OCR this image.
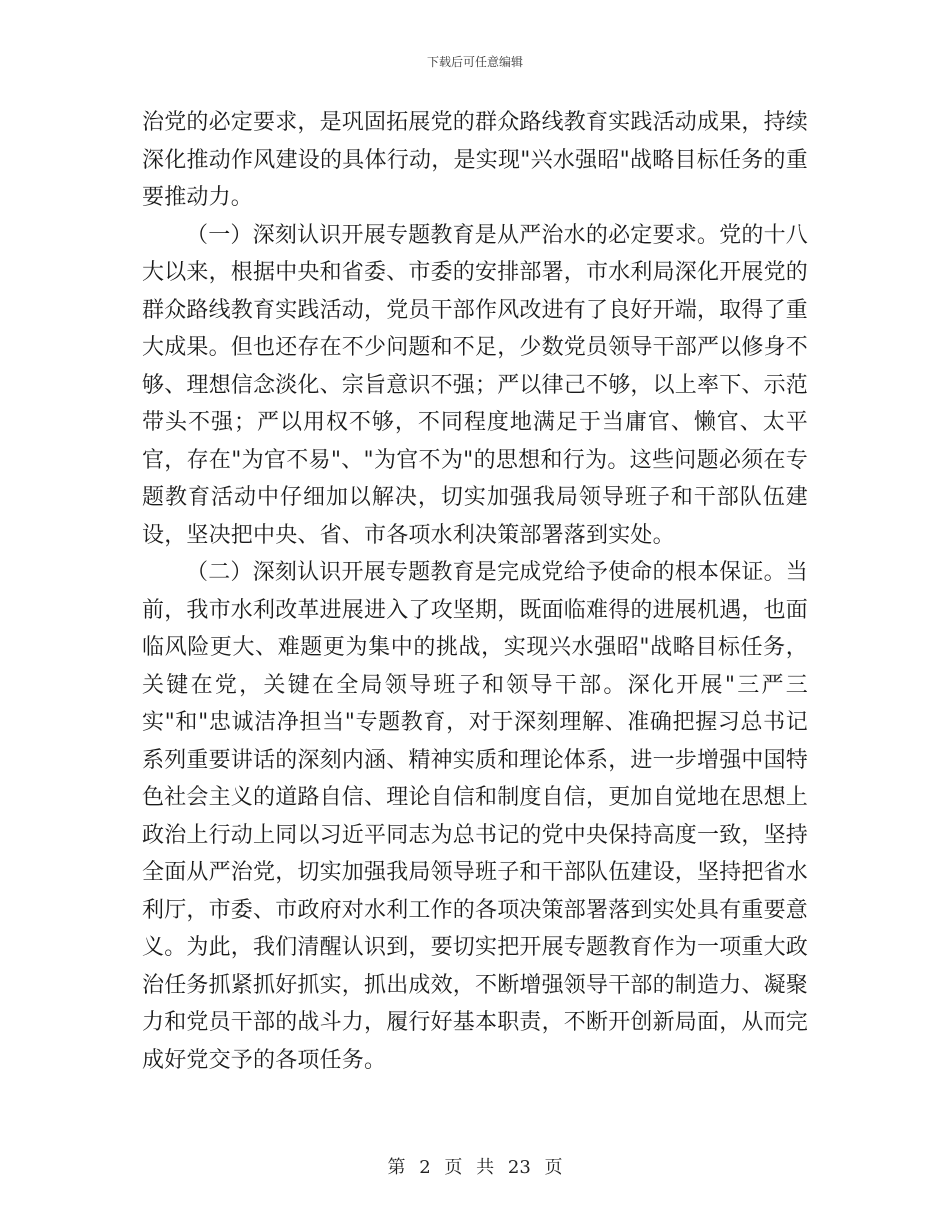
下载后可任意编辑

治党的必定要求，是巩固拓展党的群众路线教育实践活动成果，持续深化推动作风建设的具体行动，是实现"兴水强昭"战略目标任务的重要推动力。

（一）深刻认识开展专题教育是从严治水的必定要求。党的十八大以来，根据中央和省委、市委的安排部署，市水利局深化开展党的群众路线教育实践活动，党员干部作风改进有了良好开端，取得了重大成果。但也还存在不少问题和不足，少数党员领导干部严以修身不够、理想信念淡化、宗旨意识不强；严以律己不够，以上率下、示范带头不强；严以用权不够，不同程度地满足于当庸官、懒官、太平官，存在"为官不易"、"为官不为"的思想和行为。这些问题必须在专题教育活动中仔细加以解决，切实加强我局领导班子和干部队伍建设，坚决把中央、省、市各项水利决策部署落到实处。

（二）深刻认识开展专题教育是完成党给予使命的根本保证。当前，我市水利改革进展进入了攻坚期，既面临难得的进展机遇，也面临风险更大、难题更为集中的挑战，实现兴水强昭"战略目标任务，关键在党，关键在全局领导班子和领导干部。深化开展"三严三实"和"忠诚洁净担当"专题教育，对于深刻理解、准确把握习总书记系列重要讲话的深刻内涵、精神实质和理论体系，进一步增强中国特色社会主义的道路自信、理论自信和制度自信，更加自觉地在思想上政治上行动上同以习近平同志为总书记的党中央保持高度一致，坚持全面从严治党，切实加强我局领导班子和干部队伍建设，坚持把省水利厅，市委、市政府对水利工作的各项决策部署落到实处具有重要意义。为此，我们清醒认识到，要切实把开展专题教育作为一项重大政治任务抓紧抓好抓实，抓出成效，不断增强领导干部的制造力、凝聚力和党员干部的战斗力，履行好基本职责，不断开创新局面，从而完成好党交予的各项任务。

第 2 页 共 23 页
